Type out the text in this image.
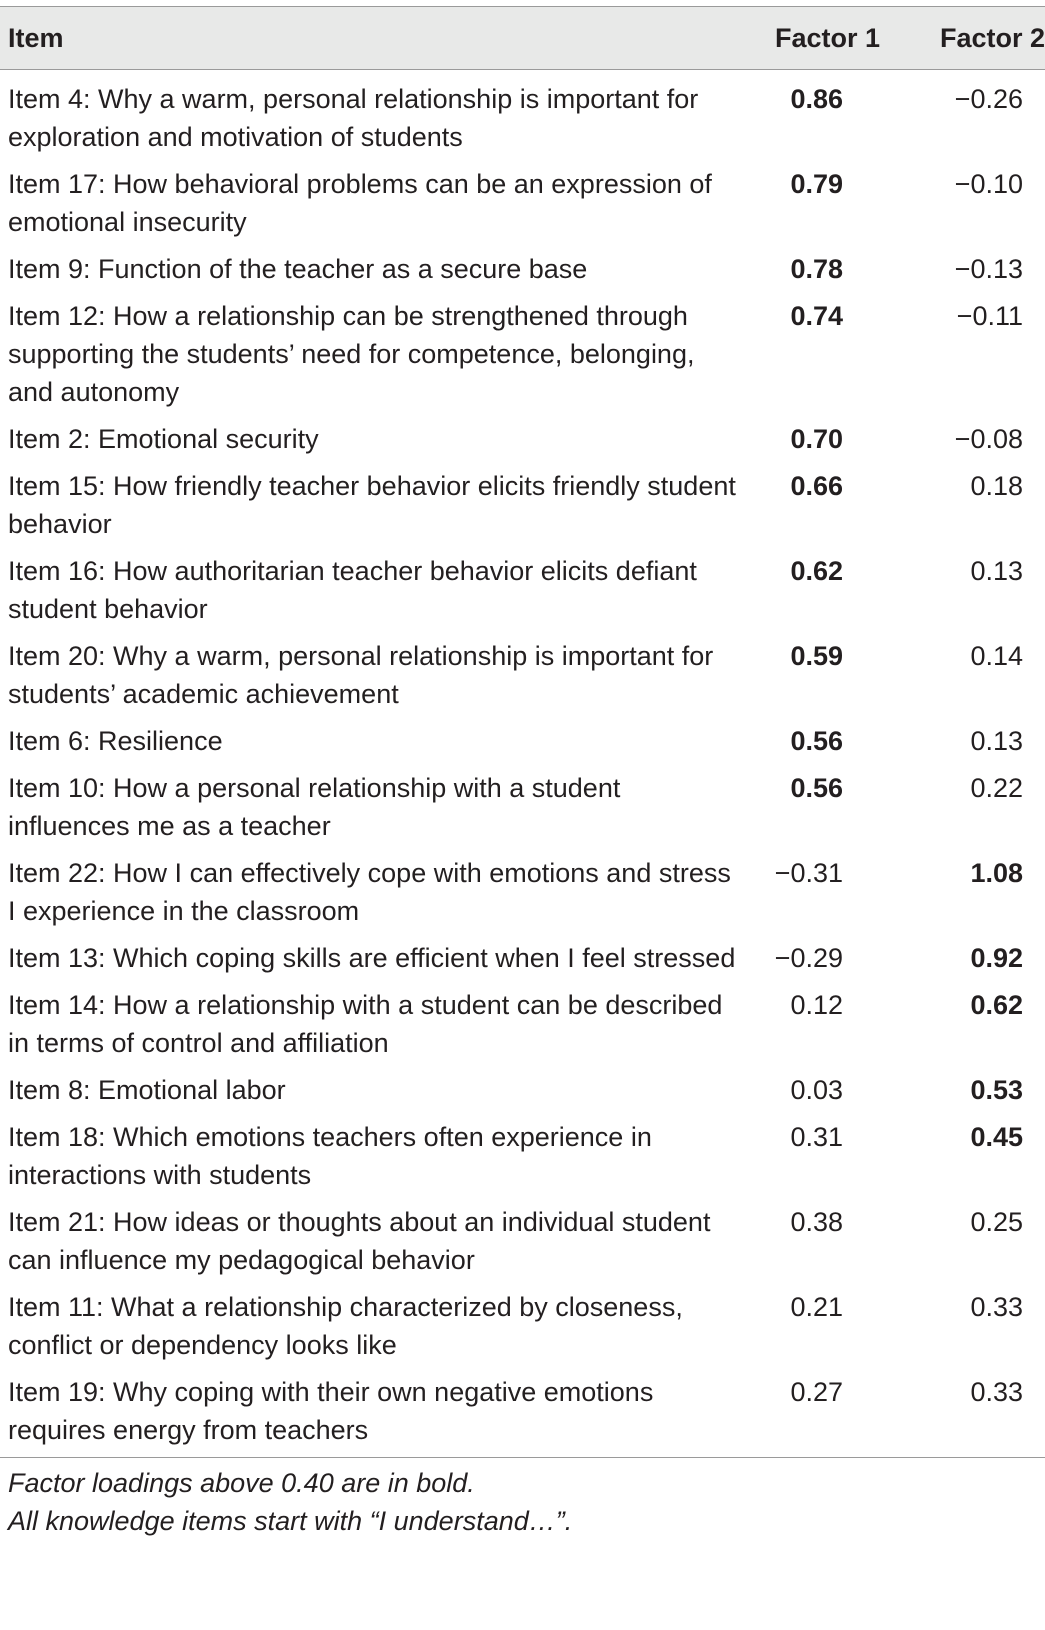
Item	Factor 1	Factor 2
Item 4: Why a warm, personal relationship is important for exploration and motivation of students	0.86	−0.26
Item 17: How behavioral problems can be an expression of emotional insecurity	0.79	−0.10
Item 9: Function of the teacher as a secure base	0.78	−0.13
Item 12: How a relationship can be strengthened through supporting the students’ need for competence, belonging, and autonomy	0.74	−0.11
Item 2: Emotional security	0.70	−0.08
Item 15: How friendly teacher behavior elicits friendly student behavior	0.66	0.18
Item 16: How authoritarian teacher behavior elicits defiant student behavior	0.62	0.13
Item 20: Why a warm, personal relationship is important for students’ academic achievement	0.59	0.14
Item 6: Resilience	0.56	0.13
Item 10: How a personal relationship with a student influences me as a teacher	0.56	0.22
Item 22: How I can effectively cope with emotions and stress I experience in the classroom	−0.31	1.08
Item 13: Which coping skills are efficient when I feel stressed	−0.29	0.92
Item 14: How a relationship with a student can be described in terms of control and affiliation	0.12	0.62
Item 8: Emotional labor	0.03	0.53
Item 18: Which emotions teachers often experience in interactions with students	0.31	0.45
Item 21: How ideas or thoughts about an individual student can influence my pedagogical behavior	0.38	0.25
Item 11: What a relationship characterized by closeness, conflict or dependency looks like	0.21	0.33
Item 19: Why coping with their own negative emotions requires energy from teachers	0.27	0.33
Factor loadings above 0.40 are in bold.
All knowledge items start with “I understand…”.
